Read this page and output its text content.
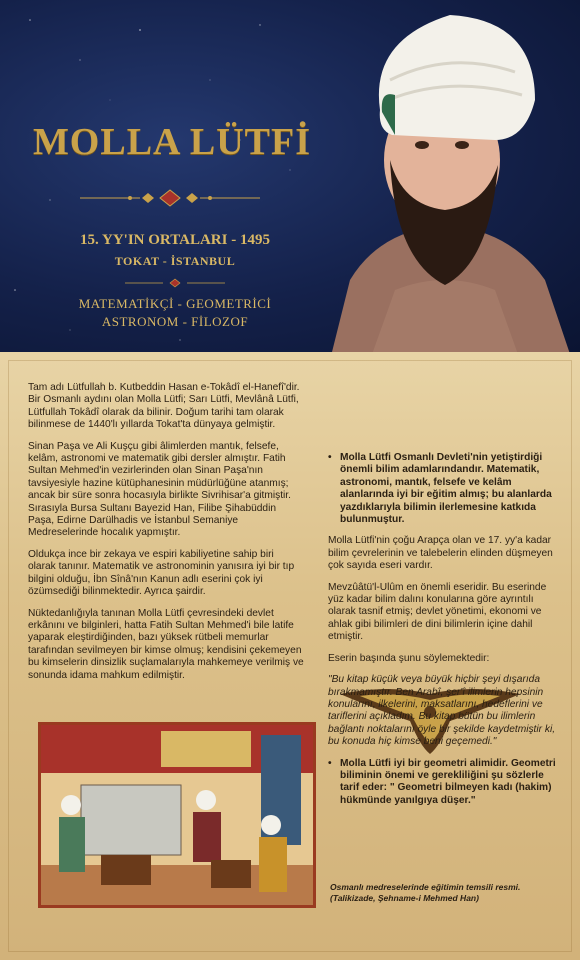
MOLLA LÜTFİ
15. YY'IN ORTALARI - 1495
TOKAT - İSTANBUL
MATEMATİKÇİ - GEOMETRİCİ
ASTRONOM - FİLOZOF

Tam adı Lütfullah b. Kutbeddin Hasan e-Tokâdî el-Hanefî'dir. Bir Osmanlı aydını olan Molla Lütfi; Sarı Lütfi, Mevlânâ Lütfi, Lütfullah Tokâdî olarak da bilinir. Doğum tarihi tam olarak bilinmese de 1440'lı yıllarda Tokat'ta dünyaya gelmiştir.

Sinan Paşa ve Ali Kuşçu gibi âlimlerden mantık, felsefe, kelâm, astronomi ve matematik gibi dersler almıştır. Fatih Sultan Mehmed'in vezirlerinden olan Sinan Paşa'nın tavsiyesiyle hazine kütüphanesinin müdürlüğüne atanmış; ancak bir süre sonra hocasıyla birlikte Sivrihisar'a gitmiştir. Sırasıyla Bursa Sultanı Bayezid Han, Filibe Şihabüddin Paşa, Edirne Darülhadis ve İstanbul Semaniye Medreselerinde hocalık yapmıştır.

Oldukça ince bir zekaya ve espiri kabiliyetine sahip biri olarak tanınır. Matematik ve astronominin yanısıra iyi bir tıp bilgini olduğu, İbn Sînâ'nın Kanun adlı eserini çok iyi özümsediği bilinmektedir. Ayrıca şairdir.

Nüktedanlığıyla tanınan Molla Lütfi çevresindeki devlet erkânını ve bilginleri, hatta Fatih Sultan Mehmed'i bile latife yaparak eleştirdiğinden, bazı yüksek rütbeli memurlar tarafından sevilmeyen bir kimse olmuş; kendisini çekemeyen bu kimselerin dinsizlik suçlamalarıyla mahkemeye verilmiş ve sonunda idama mahkum edilmiştir.

• Molla Lütfi Osmanlı Devleti'nin yetiştirdiği önemli bilim adamlarındandır. Matematik, astronomi, mantık, felsefe ve kelâm alanlarında iyi bir eğitim almış; bu alanlarda yazdıklarıyla bilimin ilerlemesine katkıda bulunmuştur.

Molla Lütfi'nin çoğu Arapça olan ve 17. yy'a kadar bilim çevrelerinin ve talebelerin elinden düşmeyen çok sayıda eseri vardır.

Mevzûâtü'l-Ulûm en önemli eseridir. Bu eserinde yüz kadar bilim dalını konularına göre ayrıntılı olarak tasnif etmiş; devlet yönetimi, ekonomi ve ahlak gibi bilimleri de dini bilimlerin içine dahil etmiştir.

Eserin başında şunu söylemektedir:

"Bu kitap küçük veya büyük hiçbir şeyi dışarıda bırakmamıştır. Ben Arabî, şer'î ilimlerin hepsinin konularını, ilkelerini, maksatlarını, hedeflerini ve tariflerini açıkladım. Bu kitap bütün bu ilimlerin bağlantı noktalarını öyle bir şekilde kaydetmiştir ki, bu konuda hiç kimse beni geçemedi."

• Molla Lütfi iyi bir geometri alimidir. Geometri biliminin önemi ve gerekliliğini şu sözlerle tarif eder: " Geometri bilmeyen kadı (hakim) hükmünde yanılgıya düşer."

Osmanlı medreselerinde eğitimin temsili resmi. (Talikizade, Şehname-i Mehmed Han)
